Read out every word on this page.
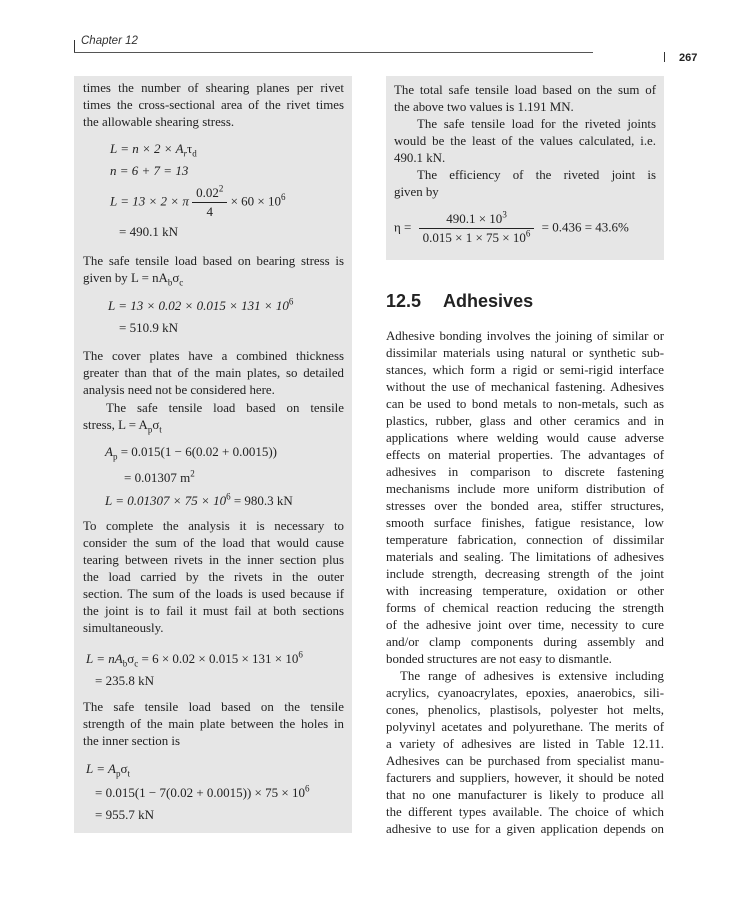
Chapter 12
267
times the number of shearing planes per rivet
times the cross-sectional area of the rivet times
the allowable shearing stress.
$L = n \times 2 \times A_r\tau_d$
n = 6 + 7 = 13
L = 13 × 2 × π $\frac{0.02^2}{4} \times 60 \times 10^6$
= 490.1 kN
The safe tensile load based on bearing stress is
given by $L = nA_b\sigma_c$
$L = 13 \times 0.02 \times 0.015 \times 131 \times 10^6$
= 510.9 kN
The cover plates have a combined thickness
greater than that of the main plates, so detailed
analysis need not be considered here.
The safe tensile load based on tensile
stress, $L = A_p\sigma_t$
$A_p = 0.015(1 - 6(0.02 + 0.0015))$
= 0.01307 $m^2$
$L = 0.01307 \times 75 \times 10^6 = 980.3$ kN
To complete the analysis it is necessary to
consider the sum of the load that would cause
tearing between rivets in the inner section plus
the load carried by the rivets in the outer
section. The sum of the loads is used because if
the joint is to fail it must fail at both sections
simultaneously.
$L = nA_b\sigma_c = 6 \times 0.02 \times 0.015 \times 131 \times 10^6$
= 235.8 kN
The safe tensile load based on the tensile
strength of the main plate between the holes in
the inner section is
$L = A_p\sigma_t$
= $0.015(1 - 7(0.02 + 0.0015)) \times 75 \times 10^6$
= 955.7 kN
The total safe tensile load based on the sum of
the above two values is 1.191 MN.
The safe tensile load for the riveted joints
would be the least of the values calculated, i.e.
490.1 kN.
The efficiency of the riveted joint is
given by
$\eta = \frac{490.1 \times 10^3}{0.015 \times 1 \times 75 \times 10^6} = 0.436 = 43.6\%$
12.5 Adhesives
Adhesive bonding involves the joining of similar or
dissimilar materials using natural or synthetic sub-
stances, which form a rigid or semi-rigid interface
without the use of mechanical fastening. Adhesives
can be used to bond metals to non-metals, such as
plastics, rubber, glass and other ceramics and in
applications where welding would cause adverse
effects on material properties. The advantages of
adhesives in comparison to discrete fastening
mechanisms include more uniform distribution of
stresses over the bonded area, stiffer structures,
smooth surface finishes, fatigue resistance, low
temperature fabrication, connection of dissimilar
materials and sealing. The limitations of adhesives
include strength, decreasing strength of the joint
with increasing temperature, oxidation or other
forms of chemical reaction reducing the strength
of the adhesive joint over time, necessity to cure
and/or clamp components during assembly and
bonded structures are not easy to dismantle.
The range of adhesives is extensive including
acrylics, cyanoacrylates, epoxies, anaerobics, sili-
cones, phenolics, plastisols, polyester hot melts,
polyvinyl acetates and polyurethane. The merits of
a variety of adhesives are listed in Table 12.11.
Adhesives can be purchased from specialist manu-
facturers and suppliers, however, it should be noted
that no one manufacturer is likely to produce all
the different types available. The choice of which
adhesive to use for a given application depends on
